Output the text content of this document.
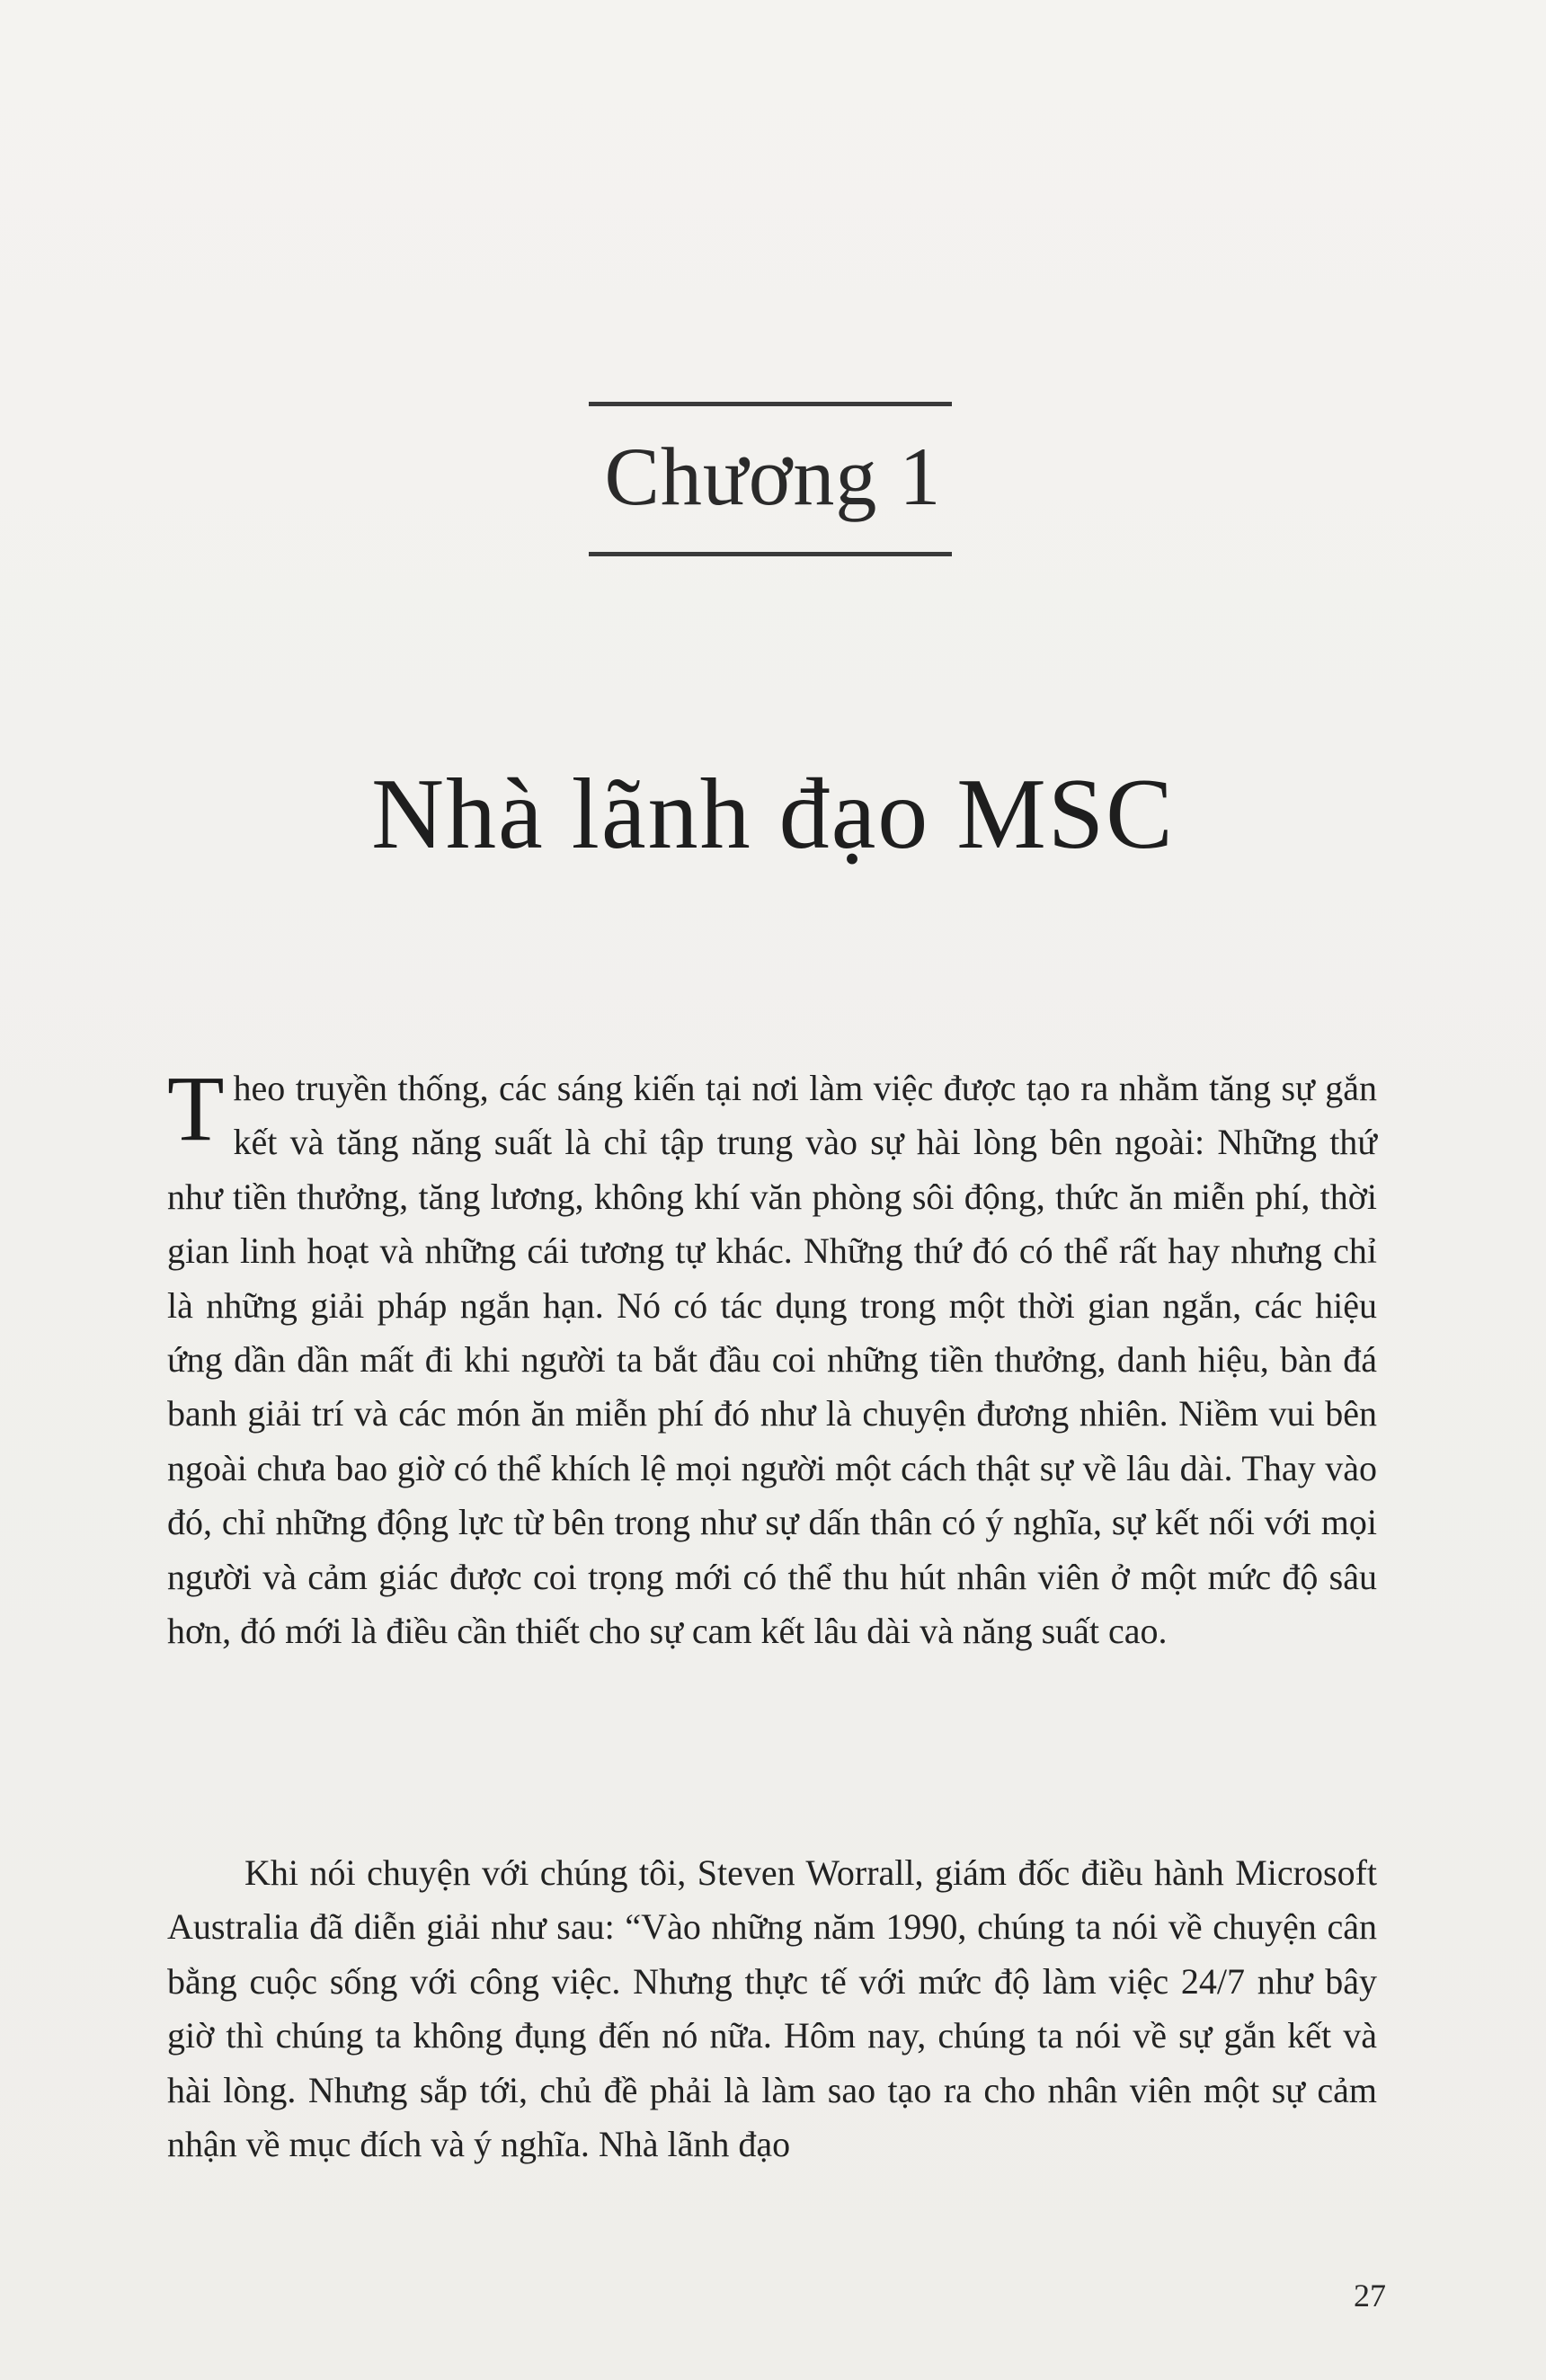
Chương 1
Nhà lãnh đạo MSC

Theo truyền thống, các sáng kiến tại nơi làm việc được tạo ra nhằm tăng sự gắn kết và tăng năng suất là chỉ tập trung vào sự hài lòng bên ngoài: Những thứ như tiền thưởng, tăng lương, không khí văn phòng sôi động, thức ăn miễn phí, thời gian linh hoạt và những cái tương tự khác. Những thứ đó có thể rất hay nhưng chỉ là những giải pháp ngắn hạn. Nó có tác dụng trong một thời gian ngắn, các hiệu ứng dần dần mất đi khi người ta bắt đầu coi những tiền thưởng, danh hiệu, bàn đá banh giải trí và các món ăn miễn phí đó như là chuyện đương nhiên. Niềm vui bên ngoài chưa bao giờ có thể khích lệ mọi người một cách thật sự về lâu dài. Thay vào đó, chỉ những động lực từ bên trong như sự dấn thân có ý nghĩa, sự kết nối với mọi người và cảm giác được coi trọng mới có thể thu hút nhân viên ở một mức độ sâu hơn, đó mới là điều cần thiết cho sự cam kết lâu dài và năng suất cao.

Khi nói chuyện với chúng tôi, Steven Worrall, giám đốc điều hành Microsoft Australia đã diễn giải như sau: “Vào những năm 1990, chúng ta nói về chuyện cân bằng cuộc sống với công việc. Nhưng thực tế với mức độ làm việc 24/7 như bây giờ thì chúng ta không đụng đến nó nữa. Hôm nay, chúng ta nói về sự gắn kết và hài lòng. Nhưng sắp tới, chủ đề phải là làm sao tạo ra cho nhân viên một sự cảm nhận về mục đích và ý nghĩa. Nhà lãnh đạo

27
